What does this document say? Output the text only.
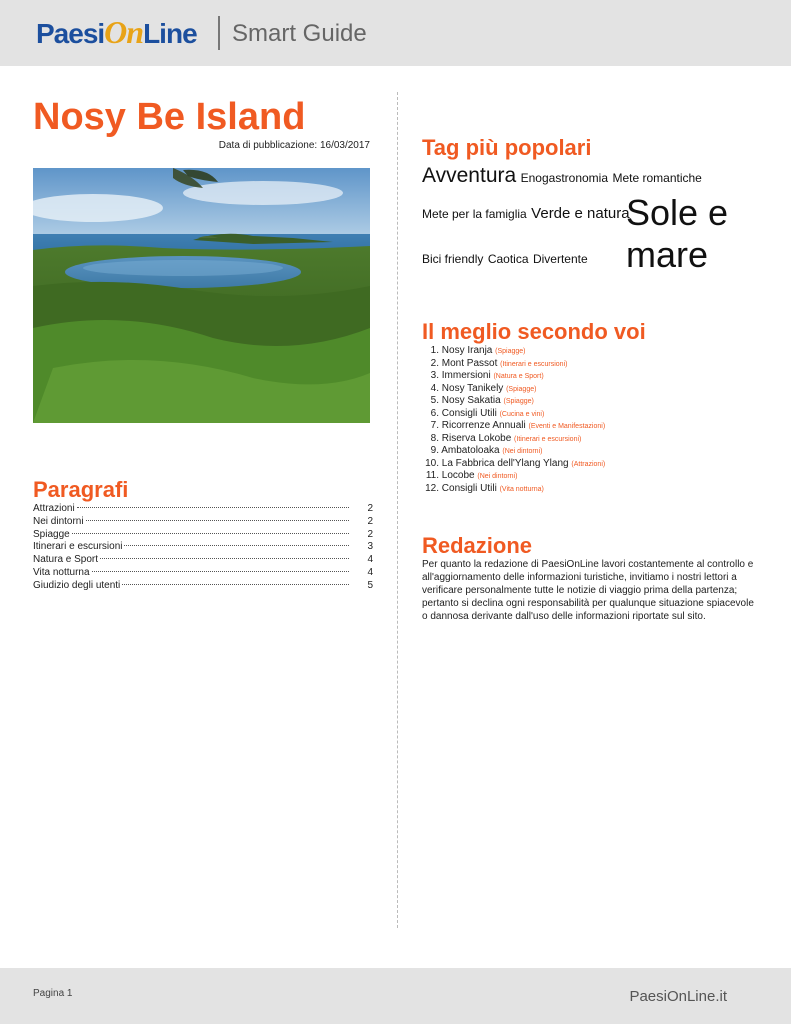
PaesiOnLine Smart Guide
Nosy Be Island
Data di pubblicazione: 16/03/2017
Paragrafi
Attrazioni	2
Nei dintorni	2
Spiagge	2
Itinerari e escursioni	3
Natura e Sport	4
Vita notturna	4
Giudizio degli utenti	5
Tag più popolari
Avventura Enogastronomia Mete romantiche
Mete per la famiglia Verde e natura
Bici friendly Caotica Divertente
Sole e mare
Il meglio secondo voi
1. Nosy Iranja (Spiagge)
2. Mont Passot (Itinerari e escursioni)
3. Immersioni (Natura e Sport)
4. Nosy Tanikely (Spiagge)
5. Nosy Sakatia (Spiagge)
6. Consigli Utili (Cucina e vini)
7. Ricorrenze Annuali (Eventi e Manifestazioni)
8. Riserva Lokobe (Itinerari e escursioni)
9. Ambatoloaka (Nei dintorni)
10. La Fabbrica dell'Ylang Ylang (Attrazioni)
11. Locobe (Nei dintorni)
12. Consigli Utili (Vita notturna)
Redazione

Per quanto la redazione di PaesiOnLine lavori costantemente al controllo e all'aggiornamento delle informazioni turistiche, invitiamo i nostri lettori a verificare personalmente tutte le notizie di viaggio prima della partenza; pertanto si declina ogni responsabilità per qualunque situazione spiacevole o dannosa derivante dall'uso delle informazioni riportate sul sito.

Pagina 1	PaesiOnLine.it
